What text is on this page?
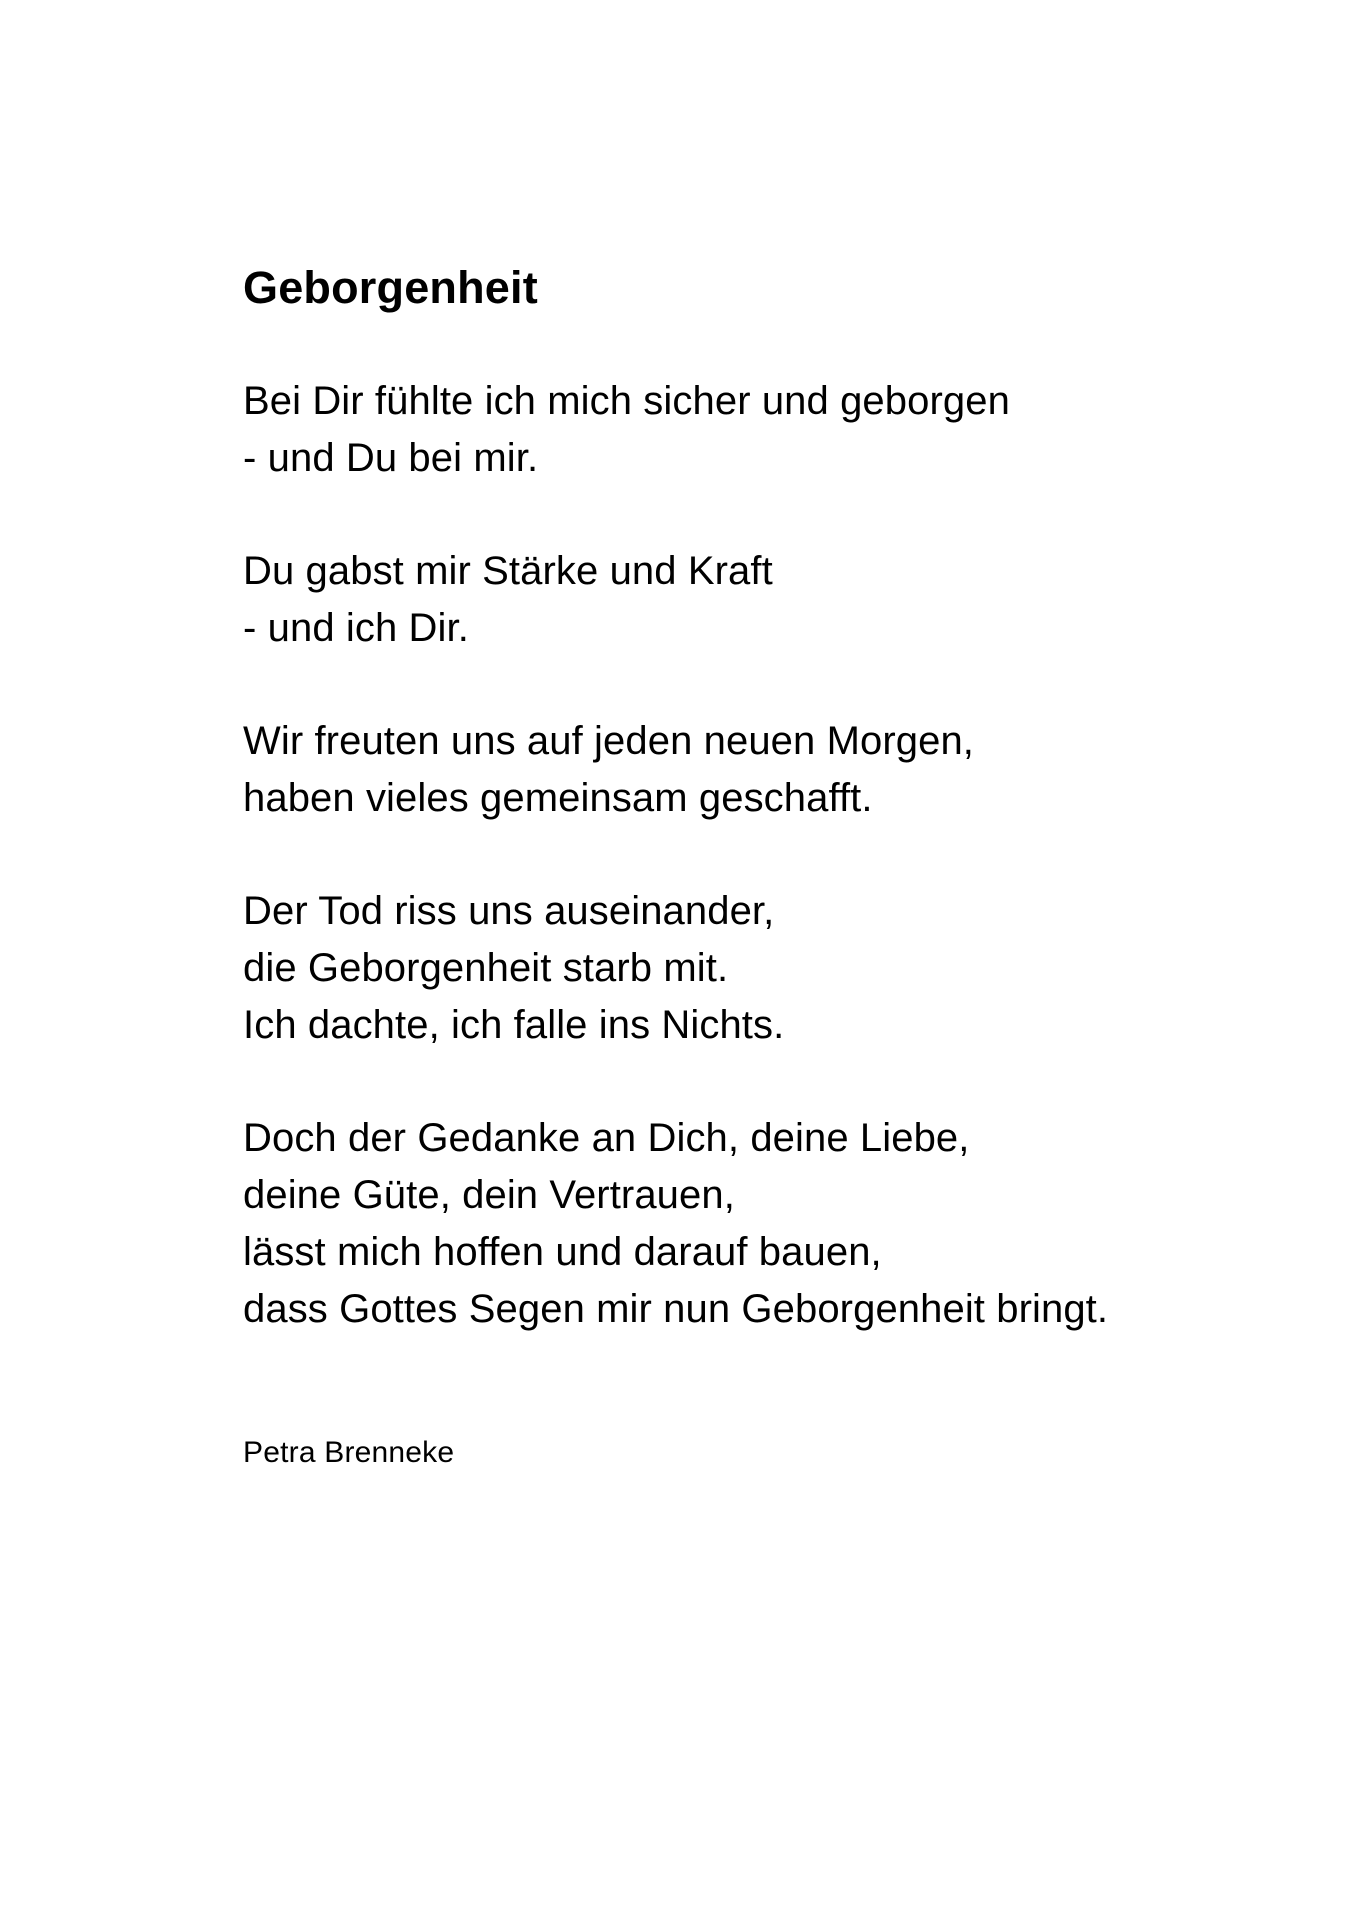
Geborgenheit
Bei Dir fühlte ich mich sicher und geborgen
- und Du bei mir.
Du gabst mir Stärke und Kraft
- und ich Dir.
Wir freuten uns auf jeden neuen Morgen,
haben vieles gemeinsam geschafft.
Der Tod riss uns auseinander,
die Geborgenheit starb mit.
Ich dachte, ich falle ins Nichts.
Doch der Gedanke an Dich, deine Liebe,
deine Güte, dein Vertrauen,
lässt mich hoffen und darauf bauen,
dass Gottes Segen mir nun Geborgenheit bringt.
Petra Brenneke
